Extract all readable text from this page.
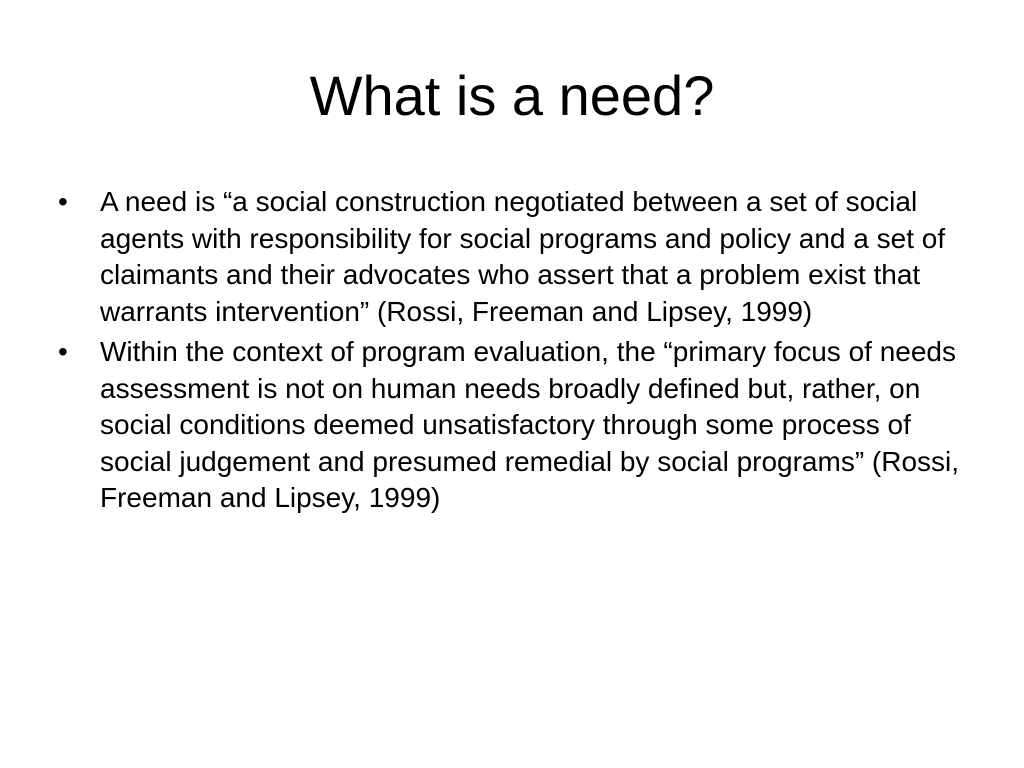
What is a need?
•	A need is “a social construction negotiated between a set of social agents with responsibility for social programs and policy and a set of claimants and their advocates who assert that a problem exist that warrants intervention” (Rossi, Freeman and Lipsey, 1999)
•	Within the context of program evaluation, the “primary focus of needs assessment is not on human needs broadly defined but, rather, on social conditions deemed unsatisfactory through some process of social judgement and presumed remedial by social programs” (Rossi, Freeman and Lipsey, 1999)
